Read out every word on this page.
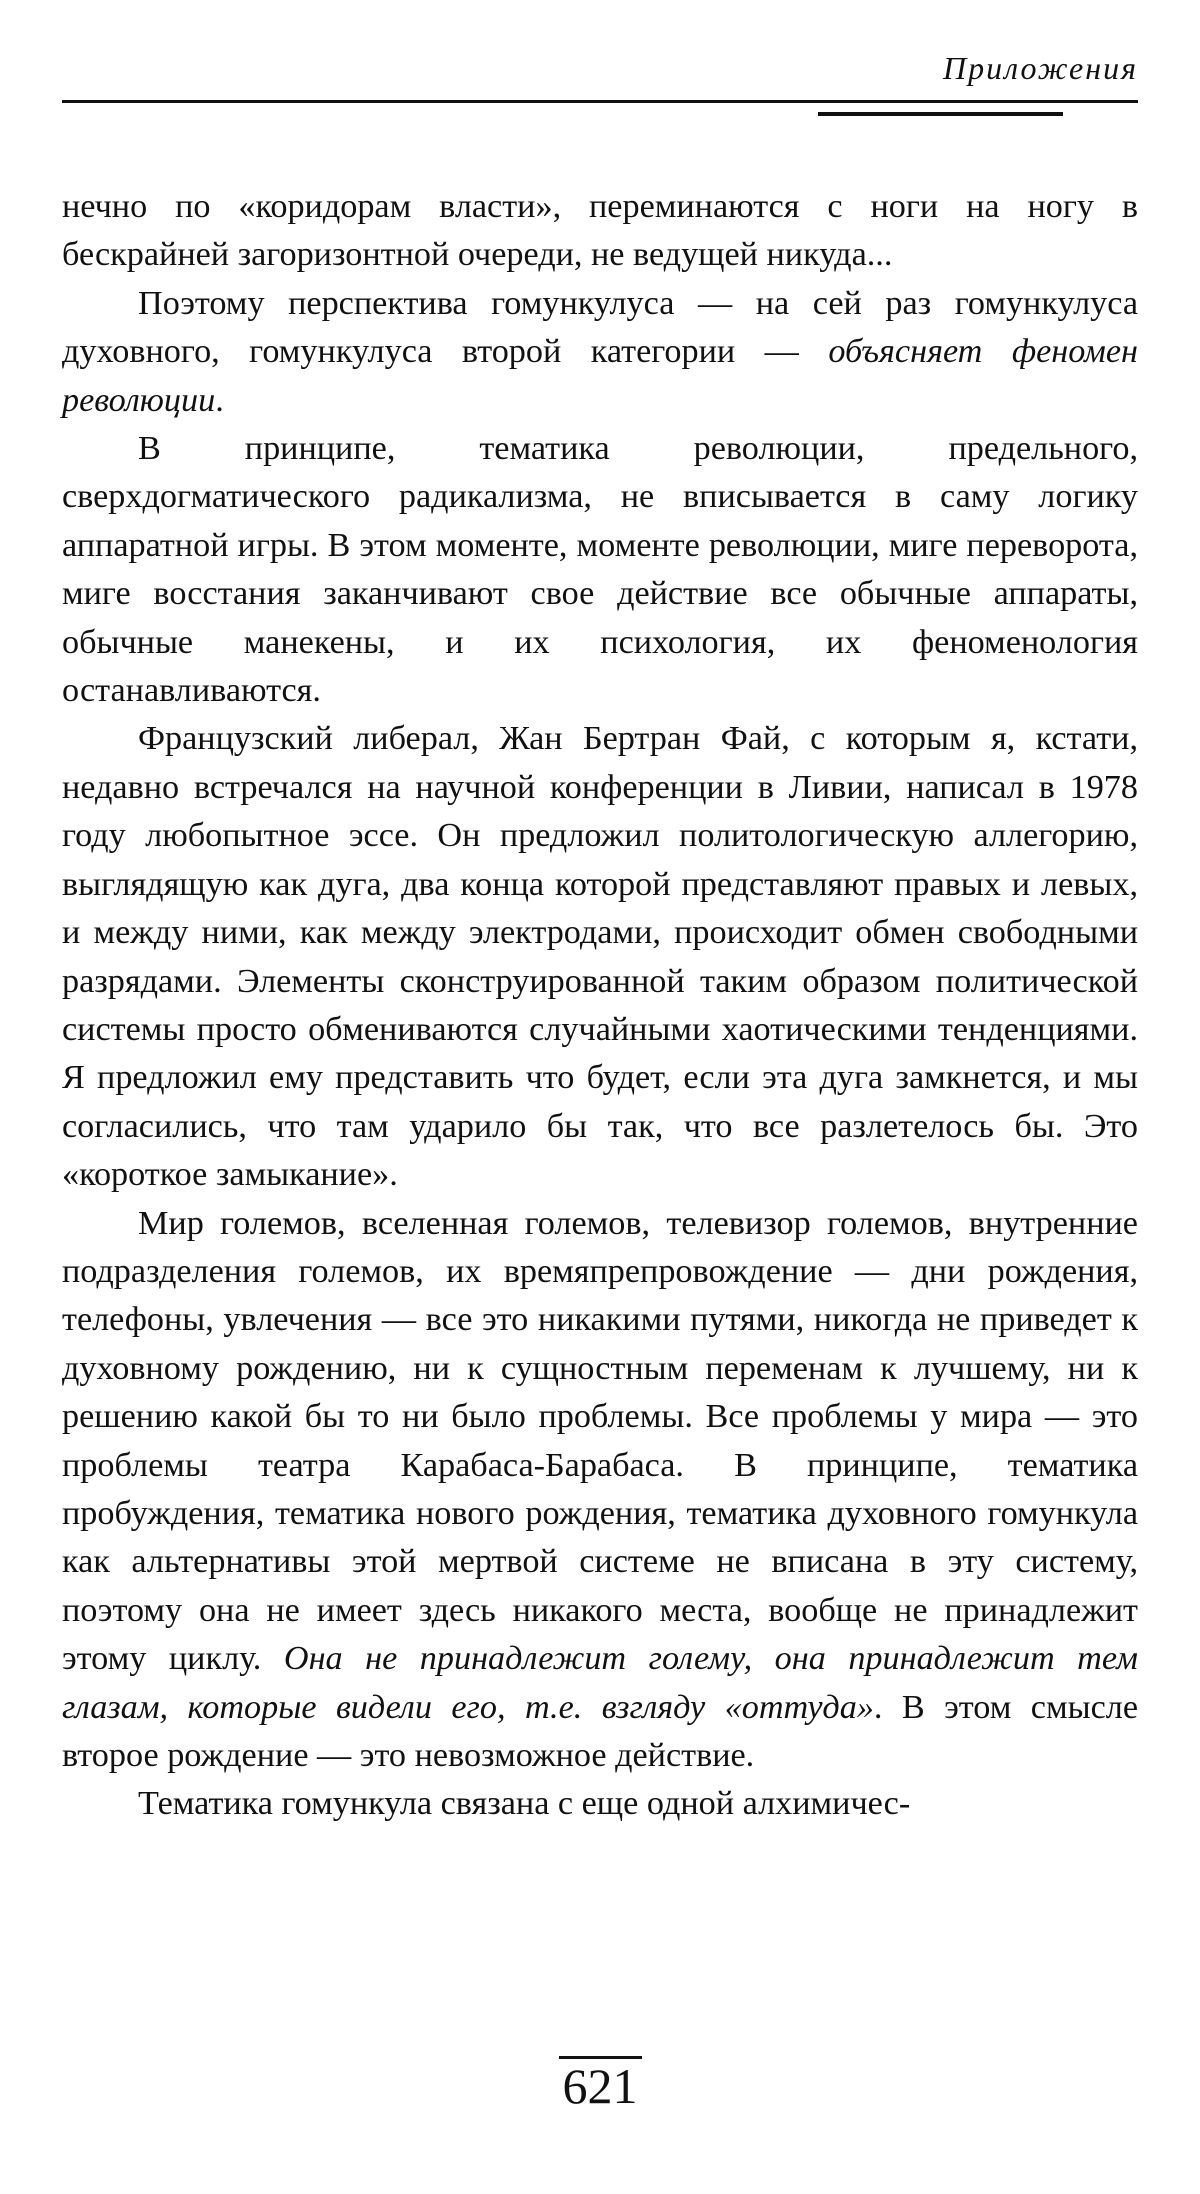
Приложения

нечно по «коридорам власти», переминаются с ноги на ногу в бескрайней загоризонтной очереди, не ведущей никуда...

Поэтому перспектива гомункулуса — на сей раз гомункулуса духовного, гомункулуса второй категории — объясняет феномен революции.

В принципе, тематика революции, предельного, сверхдогматического радикализма, не вписывается в саму логику аппаратной игры. В этом моменте, моменте революции, миге переворота, миге восстания заканчивают свое действие все обычные аппараты, обычные манекены, и их психология, их феноменология останавливаются.

Французский либерал, Жан Бертран Фай, с которым я, кстати, недавно встречался на научной конференции в Ливии, написал в 1978 году любопытное эссе. Он предложил политологическую аллегорию, выглядящую как дуга, два конца которой представляют правых и левых, и между ними, как между электродами, происходит обмен свободными разрядами. Элементы сконструированной таким образом политической системы просто обмениваются случайными хаотическими тенденциями. Я предложил ему представить что будет, если эта дуга замкнется, и мы согласились, что там ударило бы так, что все разлетелось бы. Это «короткое замыкание».

Мир големов, вселенная големов, телевизор големов, внутренние подразделения големов, их времяпрепровождение — дни рождения, телефоны, увлечения — все это никакими путями, никогда не приведет к духовному рождению, ни к сущностным переменам к лучшему, ни к решению какой бы то ни было проблемы. Все проблемы у мира — это проблемы театра Карабаса-Барабаса. В принципе, тематика пробуждения, тематика нового рождения, тематика духовного гомункула как альтернативы этой мертвой системе не вписана в эту систему, поэтому она не имеет здесь никакого места, вообще не принадлежит этому циклу. Она не принадлежит голему, она принадлежит тем глазам, которые видели его, т.е. взгляду «оттуда». В этом смысле второе рождение — это невозможное действие.

Тематика гомункула связана с еще одной алхимичес-

621
